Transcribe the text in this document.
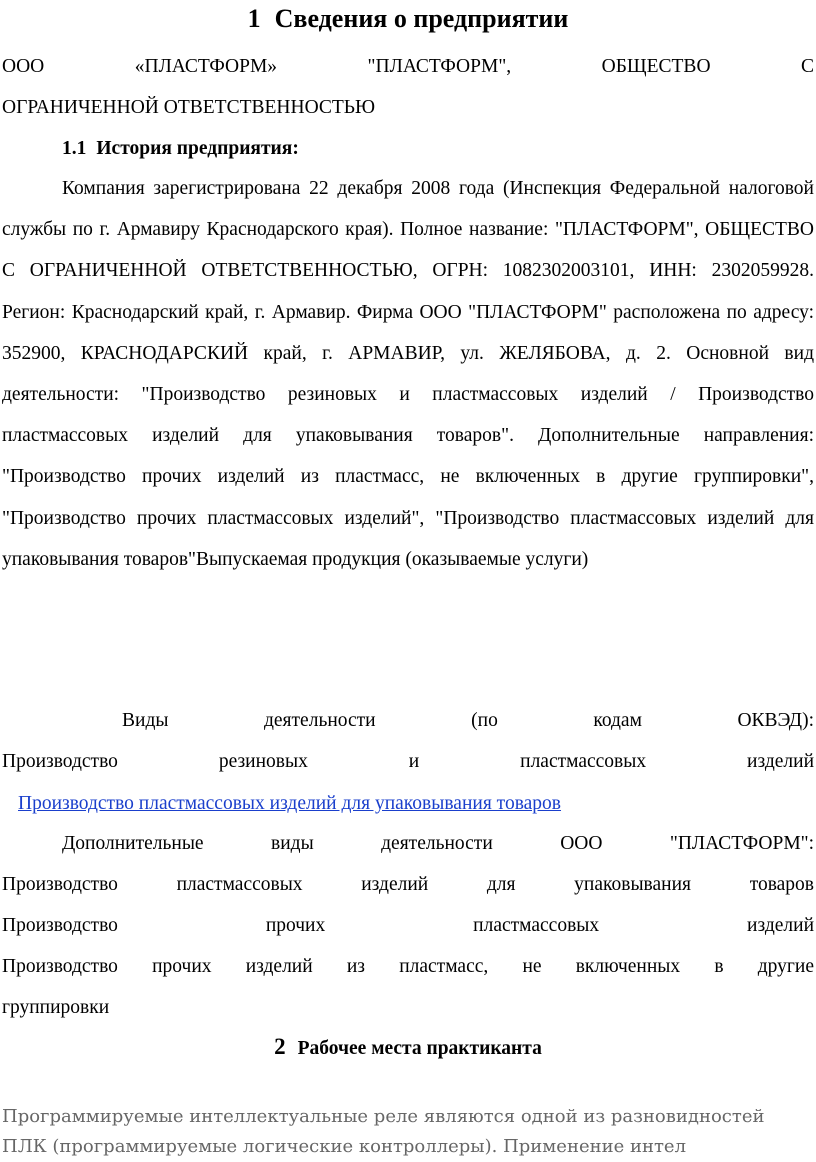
1 Сведения о предприятии
ООО	«ПЛАСТФОРМ»	"ПЛАСТФОРМ",	ОБЩЕСТВО	С
ОГРАНИЧЕННОЙ ОТВЕТСТВЕННОСТЬЮ
1.1 История предприятия:
Компания зарегистрирована 22 декабря 2008 года (Инспекция Федеральной налоговой службы по г. Армавиру Краснодарского края). Полное название: "ПЛАСТФОРМ", ОБЩЕСТВО С ОГРАНИЧЕННОЙ ОТВЕТСТВЕННОСТЬЮ, ОГРН: 1082302003101, ИНН: 2302059928. Регион: Краснодарский край, г. Армавир. Фирма ООО "ПЛАСТФОРМ" расположена по адресу: 352900, КРАСНОДАРСКИЙ край, г. АРМАВИР, ул. ЖЕЛЯБОВА, д. 2. Основной вид деятельности: "Производство резиновых и пластмассовых изделий / Производство пластмассовых изделий для упаковывания товаров". Дополнительные направления: "Производство прочих изделий из пластмасс, не включенных в другие группировки", "Производство прочих пластмассовых изделий", "Производство пластмассовых изделий для упаковывания товаров"Выпускаемая продукция (оказываемые услуги)
Виды	деятельности	(по	кодам	ОКВЭД):
Производство	резиновых	и	пластмассовых	изделий
Производство пластмассовых изделий для упаковывания товаров
Дополнительные	виды	деятельности	ООО	"ПЛАСТФОРМ":
Производство	пластмассовых	изделий	для	упаковывания	товаров
Производство	прочих	пластмассовых	изделий
Производство прочих изделий из пластмасс, не включенных в другие
группировки
2 Рабочее места практиканта
Программируемые интеллектуальные реле являются одной из разновидностей ПЛК (программируемые логические контроллеры). Применение интел
